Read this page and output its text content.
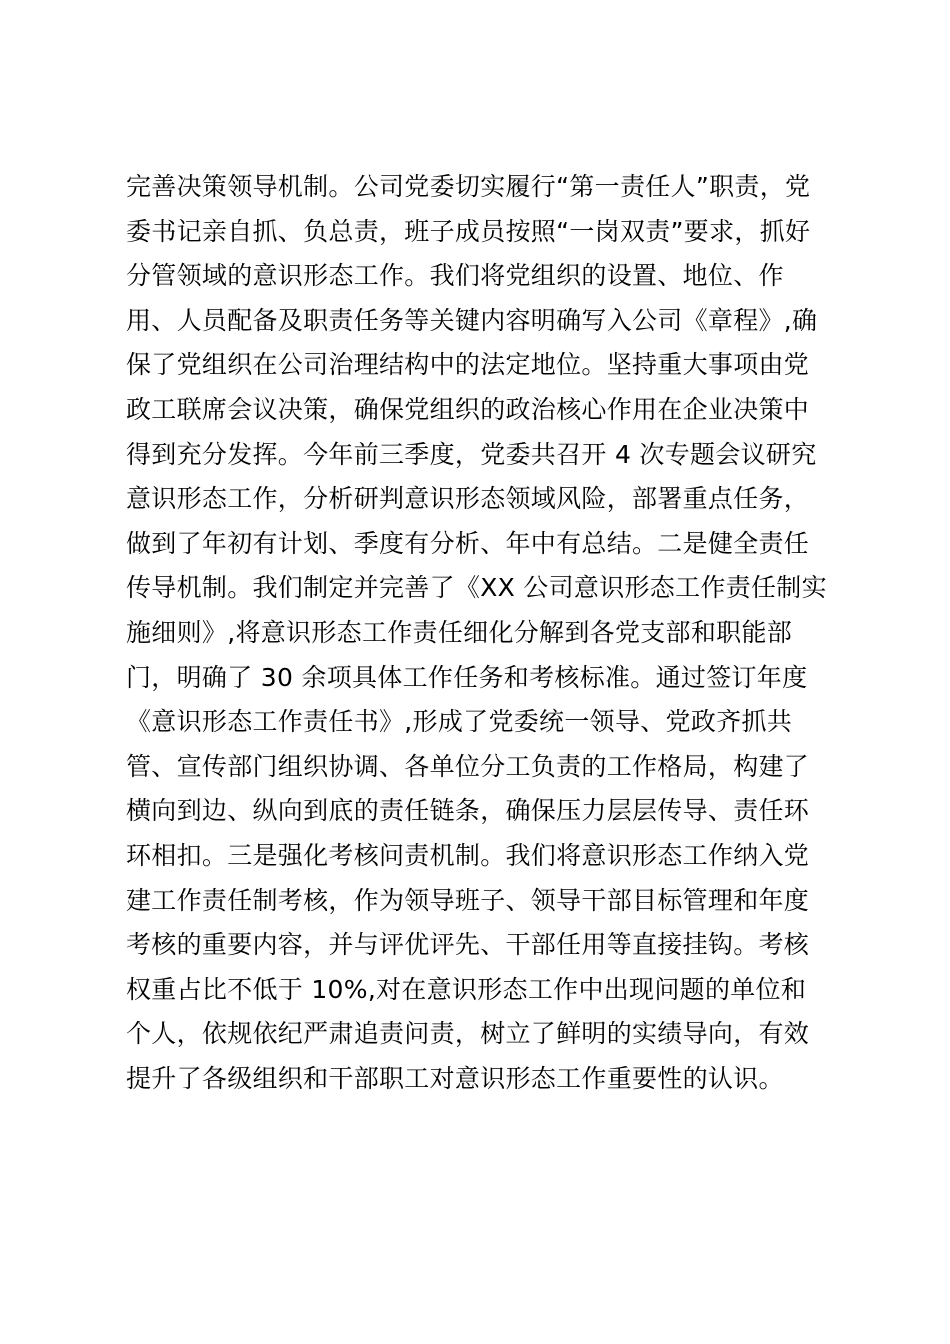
完善决策领导机制。公司党委切实履行“第一责任人”职责，党
委书记亲自抓、负总责，班子成员按照“一岗双责”要求，抓好
分管领域的意识形态工作。我们将党组织的设置、地位、作
用、人员配备及职责任务等关键内容明确写入公司《章程》,确
保了党组织在公司治理结构中的法定地位。坚持重大事项由党
政工联席会议决策，确保党组织的政治核心作用在企业决策中
得到充分发挥。今年前三季度，党委共召开 4 次专题会议研究
意识形态工作，分析研判意识形态领域风险，部署重点任务，
做到了年初有计划、季度有分析、年中有总结。二是健全责任
传导机制。我们制定并完善了《XX 公司意识形态工作责任制实
施细则》,将意识形态工作责任细化分解到各党支部和职能部
门，明确了 30 余项具体工作任务和考核标准。通过签订年度
《意识形态工作责任书》,形成了党委统一领导、党政齐抓共
管、宣传部门组织协调、各单位分工负责的工作格局，构建了
横向到边、纵向到底的责任链条，确保压力层层传导、责任环
环相扣。三是强化考核问责机制。我们将意识形态工作纳入党
建工作责任制考核，作为领导班子、领导干部目标管理和年度
考核的重要内容，并与评优评先、干部任用等直接挂钩。考核
权重占比不低于 10%,对在意识形态工作中出现问题的单位和
个人，依规依纪严肃追责问责，树立了鲜明的实绩导向，有效
提升了各级组织和干部职工对意识形态工作重要性的认识。
